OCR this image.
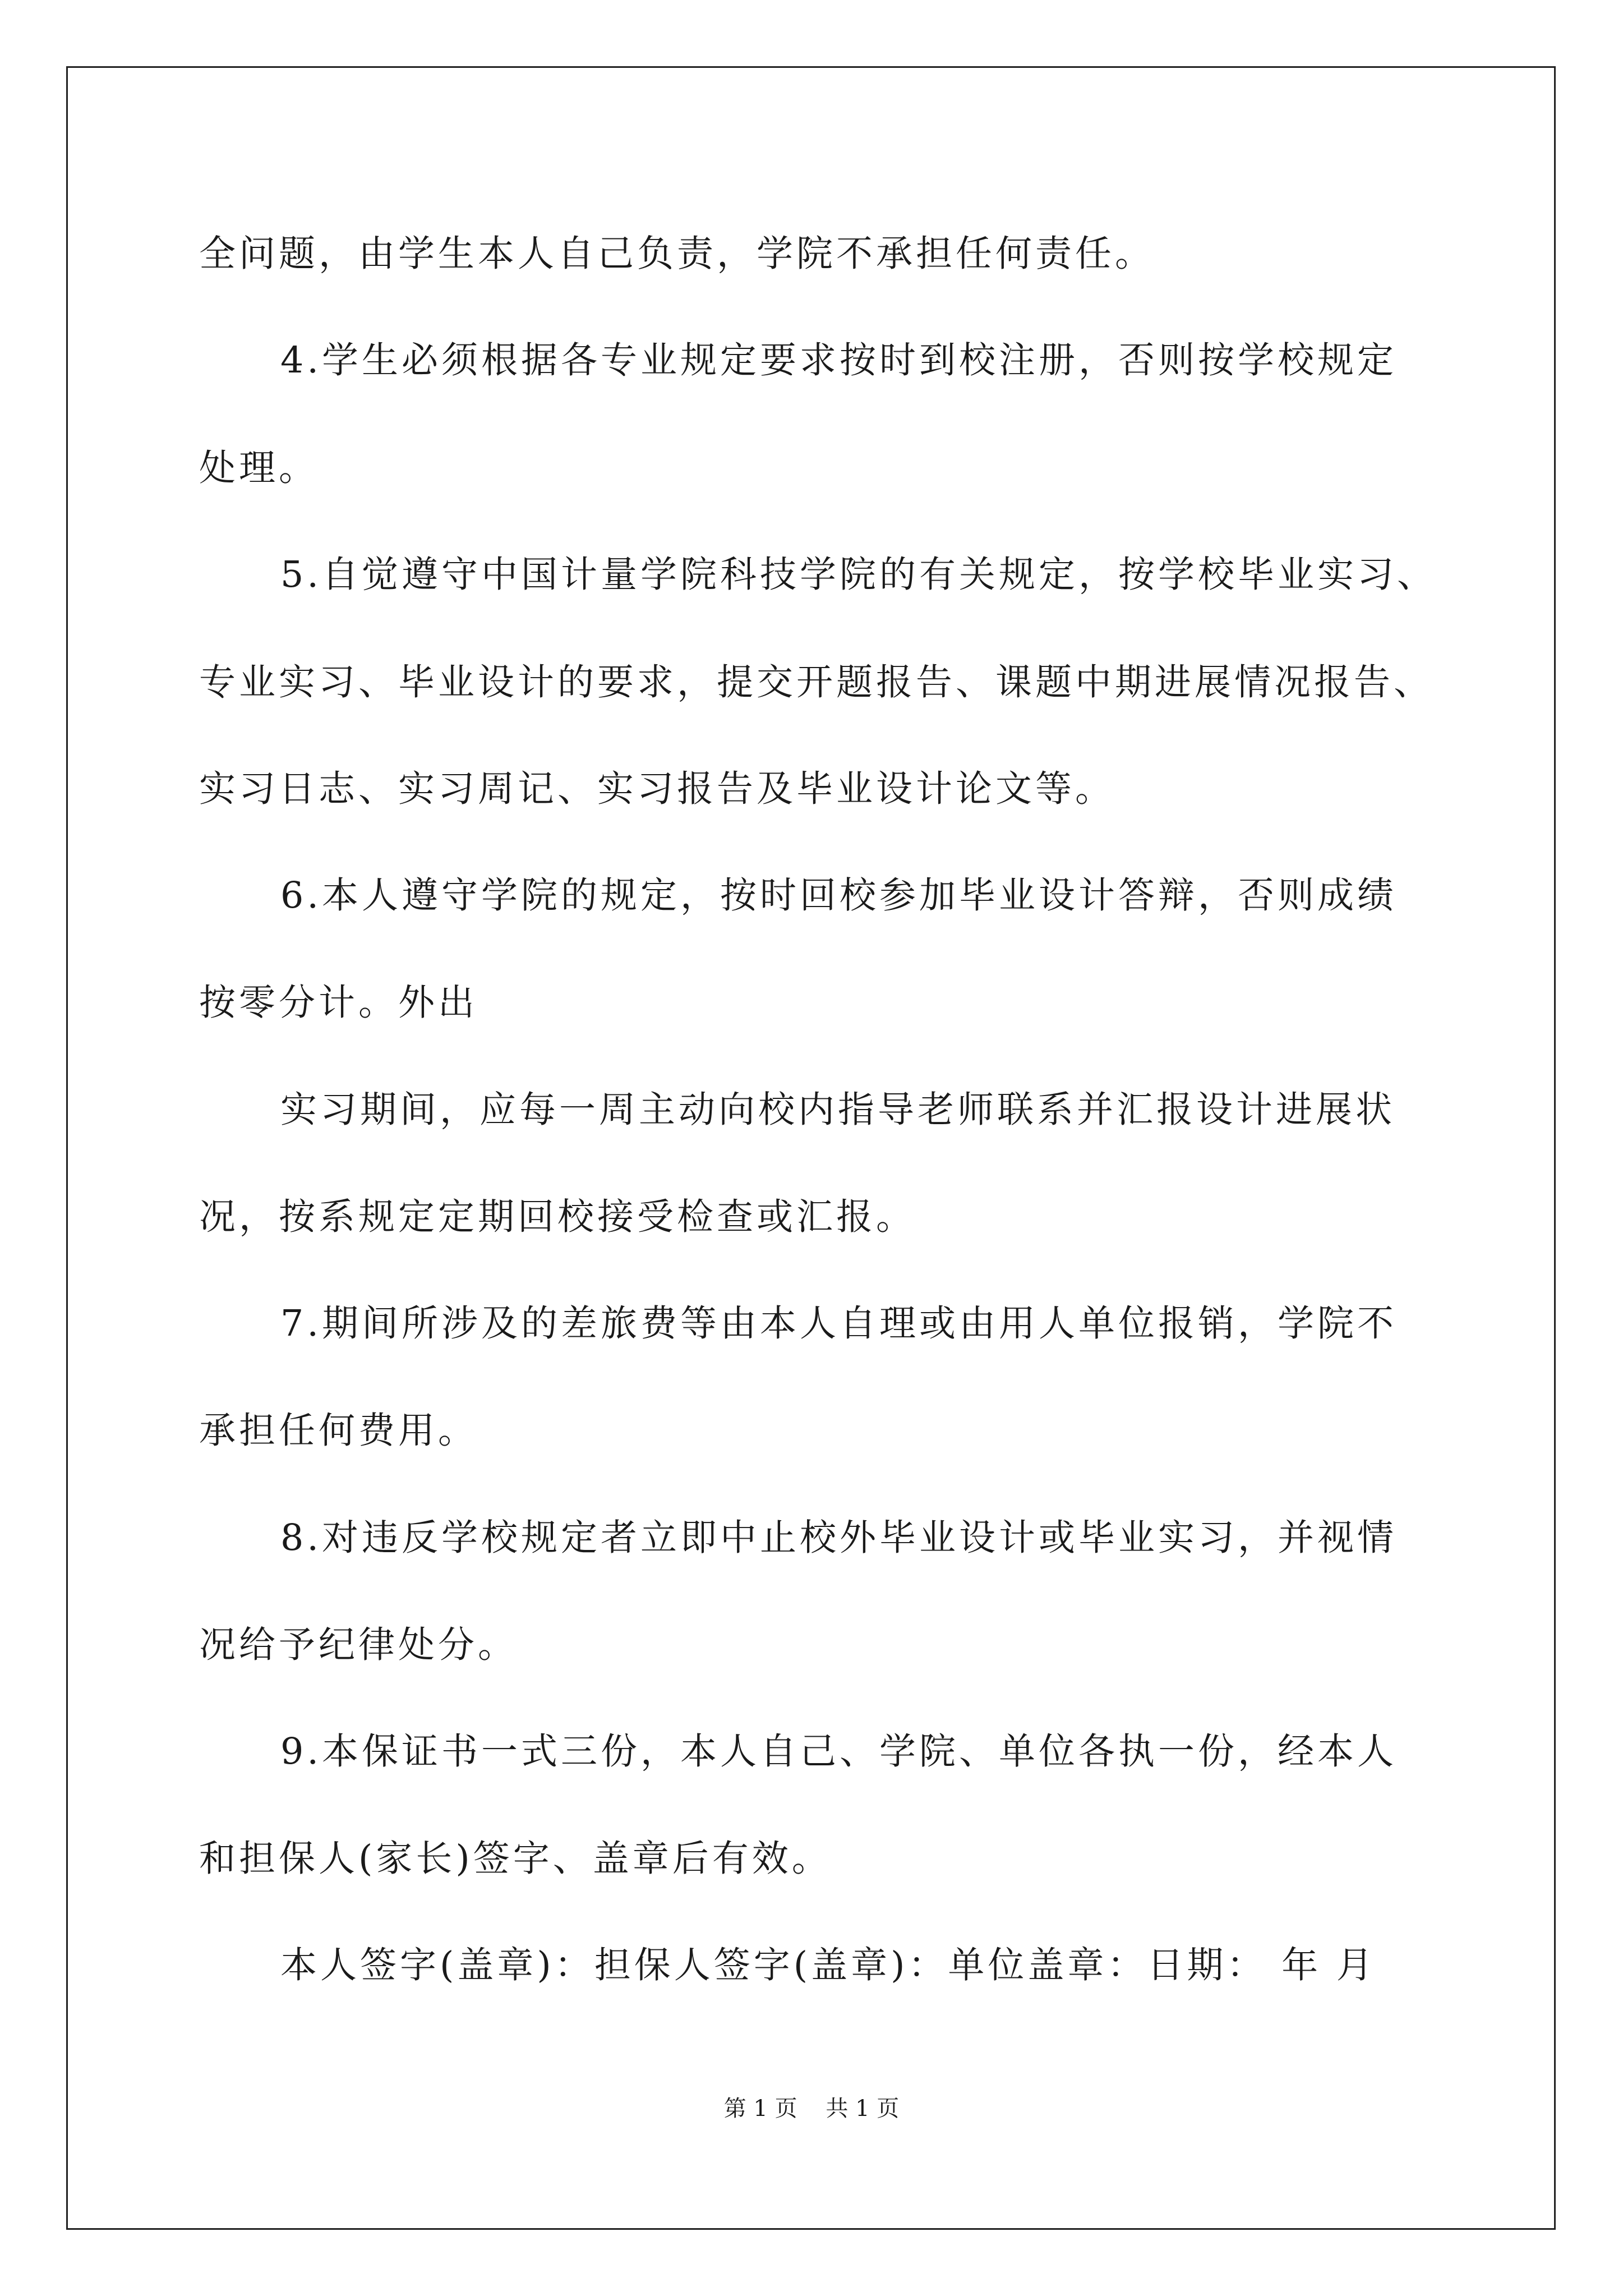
全问题，由学生本人自己负责，学院不承担任何责任。

4.学生必须根据各专业规定要求按时到校注册，否则按学校规定

处理。

5.自觉遵守中国计量学院科技学院的有关规定，按学校毕业实习、

专业实习、毕业设计的要求，提交开题报告、课题中期进展情况报告、

实习日志、实习周记、实习报告及毕业设计论文等。

6.本人遵守学院的规定，按时回校参加毕业设计答辩，否则成绩

按零分计。外出

实习期间，应每一周主动向校内指导老师联系并汇报设计进展状

况，按系规定定期回校接受检查或汇报。

7.期间所涉及的差旅费等由本人自理或由用人单位报销，学院不

承担任何费用。

8.对违反学校规定者立即中止校外毕业设计或毕业实习，并视情

况给予纪律处分。

9.本保证书一式三份，本人自己、学院、单位各执一份，经本人

和担保人(家长)签字、盖章后有效。

本人签字(盖章)：担保人签字(盖章)：单位盖章：日期： 年 月

第 1 页    共 1 页
